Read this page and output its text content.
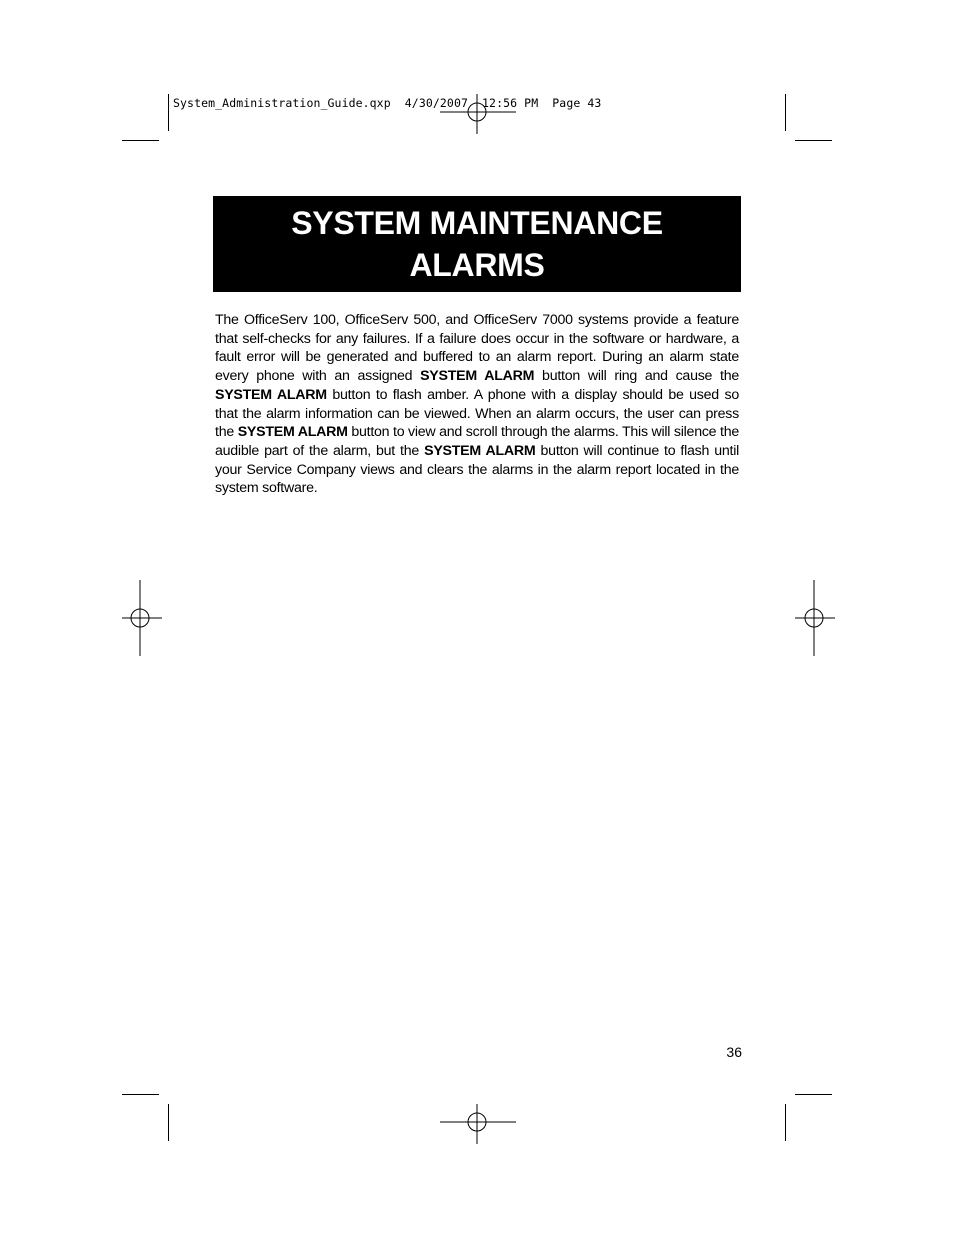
System_Administration_Guide.qxp  4/30/2007  12:56 PM  Page 43
SYSTEM MAINTENANCE
ALARMS

The OfficeServ 100, OfficeServ 500, and OfficeServ 7000 systems provide a feature that self-checks for any failures. If a failure does occur in the software or hardware, a fault error will be generated and buffered to an alarm report. During an alarm state every phone with an assigned SYSTEM ALARM button will ring and cause the SYSTEM ALARM button to flash amber. A phone with a display should be used so that the alarm information can be viewed. When an alarm occurs, the user can press the SYSTEM ALARM button to view and scroll through the alarms. This will silence the audible part of the alarm, but the SYSTEM ALARM button will continue to flash until your Service Company views and clears the alarms in the alarm report located in the system software.

36
